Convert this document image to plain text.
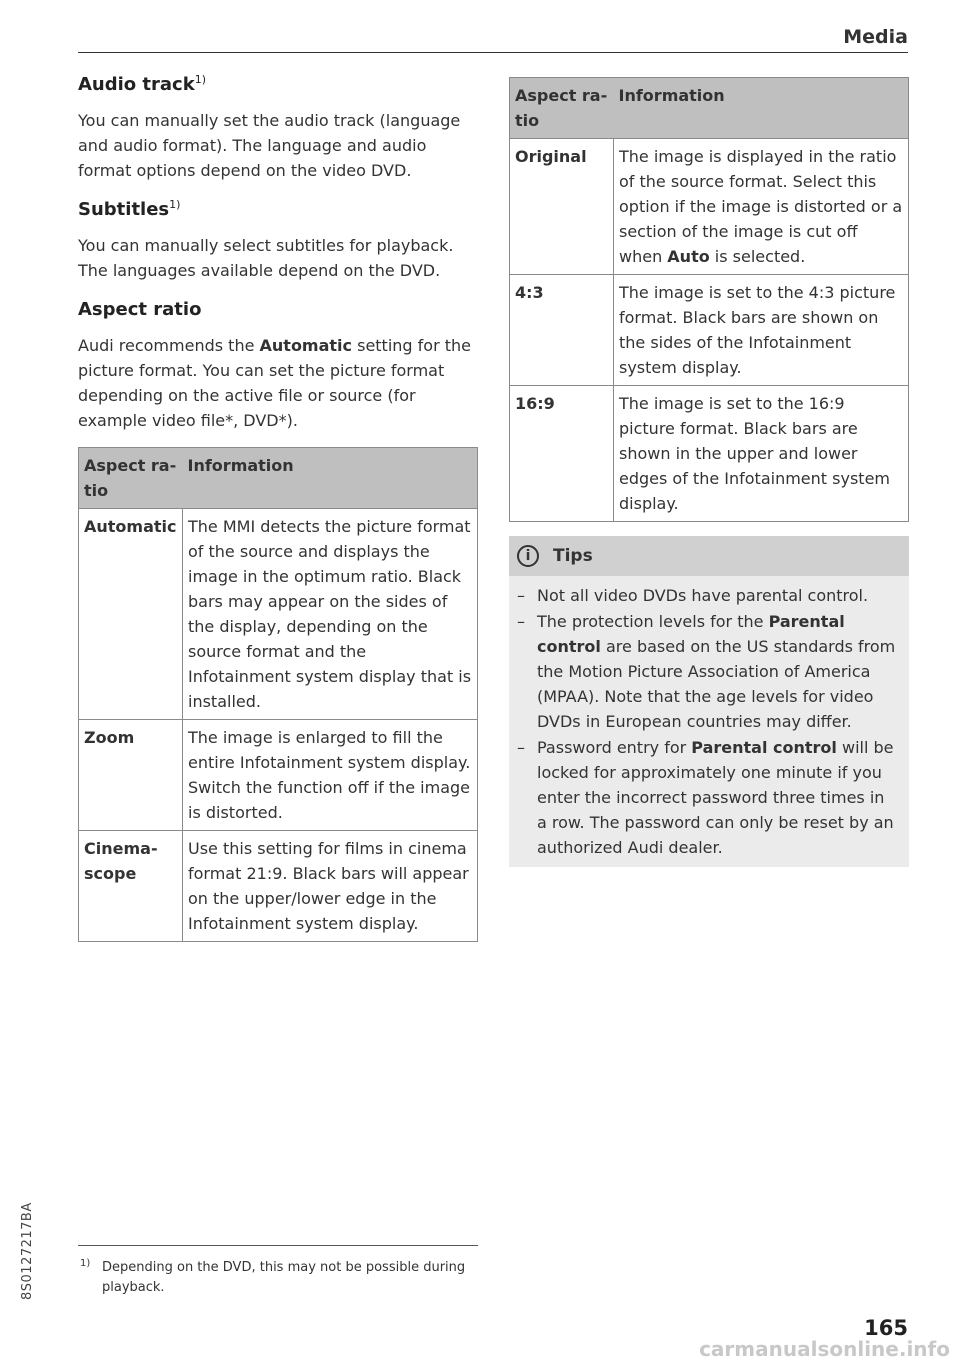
Media
Audio track$^{1)}$

You can manually set the audio track (language and audio format). The language and audio format options depend on the video DVD.

Subtitles$^{1)}$

You can manually select subtitles for playback. The languages available depend on the DVD.

Aspect ratio

Audi recommends the Automatic setting for the picture format. You can set the picture format depending on the active file or source (for example video file*, DVD*).

Aspect ra-tio	Information
Automatic	The MMI detects the picture format of the source and displays the image in the optimum ratio. Black bars may appear on the sides of the display, depending on the source format and the Infotainment system display that is installed.
Zoom	The image is enlarged to fill the entire Infotainment system display. Switch the function off if the image is distorted.
Cinema-scope	Use this setting for films in cinema format 21:9. Black bars will appear on the upper/lower edge in the Infotainment system display.
Aspect ra-tio	Information
Original	The image is displayed in the ratio of the source format. Select this option if the image is distorted or a section of the image is cut off when Auto is selected.
4:3	The image is set to the 4:3 picture format. Black bars are shown on the sides of the Infotainment system display.
16:9	The image is set to the 16:9 picture format. Black bars are shown in the upper and lower edges of the Infotainment system display.
i	Tips
– Not all video DVDs have parental control.
– The protection levels for the Parental control are based on the US standards from the Motion Picture Association of America (MPAA). Note that the age levels for video DVDs in European countries may differ.
– Password entry for Parental control will be locked for approximately one minute if you enter the incorrect password three times in a row. The password can only be reset by an authorized Audi dealer.
1) Depending on the DVD, this may not be possible during playback.
8S0127217BA
165
carmanualsonline.info
